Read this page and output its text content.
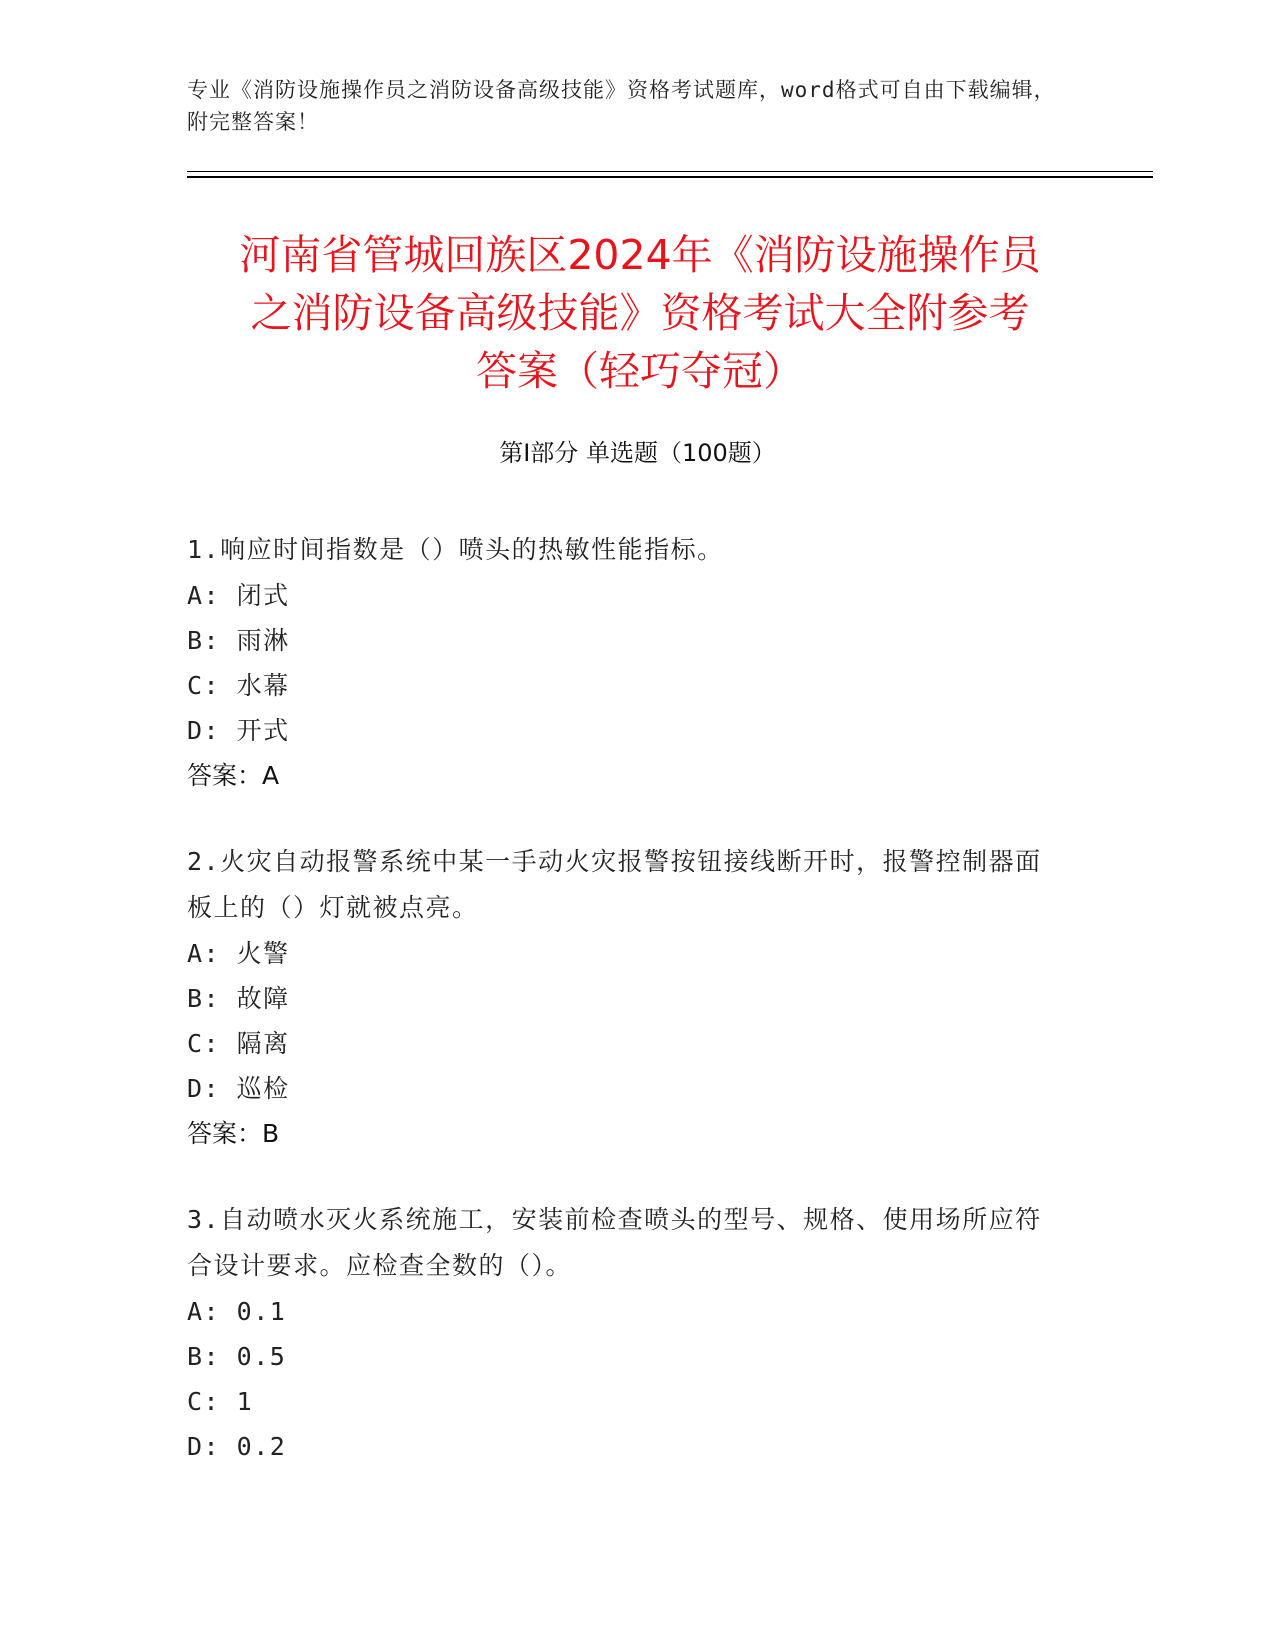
专业《消防设施操作员之消防设备高级技能》资格考试题库，word格式可自由下载编辑，附完整答案！
河南省管城回族区2024年《消防设施操作员
之消防设备高级技能》资格考试大全附参考
答案（轻巧夺冠）
第I部分 单选题（100题）

1.响应时间指数是（）喷头的热敏性能指标。

A: 闭式

B: 雨淋

C: 水幕

D: 开式

答案：A

2.火灾自动报警系统中某一手动火灾报警按钮接线断开时，报警控制器面板上的（）灯就被点亮。

A: 火警

B: 故障

C: 隔离

D: 巡检

答案：B

3.自动喷水灭火系统施工，安装前检查喷头的型号、规格、使用场所应符合设计要求。应检查全数的（）。

A: 0.1

B: 0.5

C: 1

D: 0.2
